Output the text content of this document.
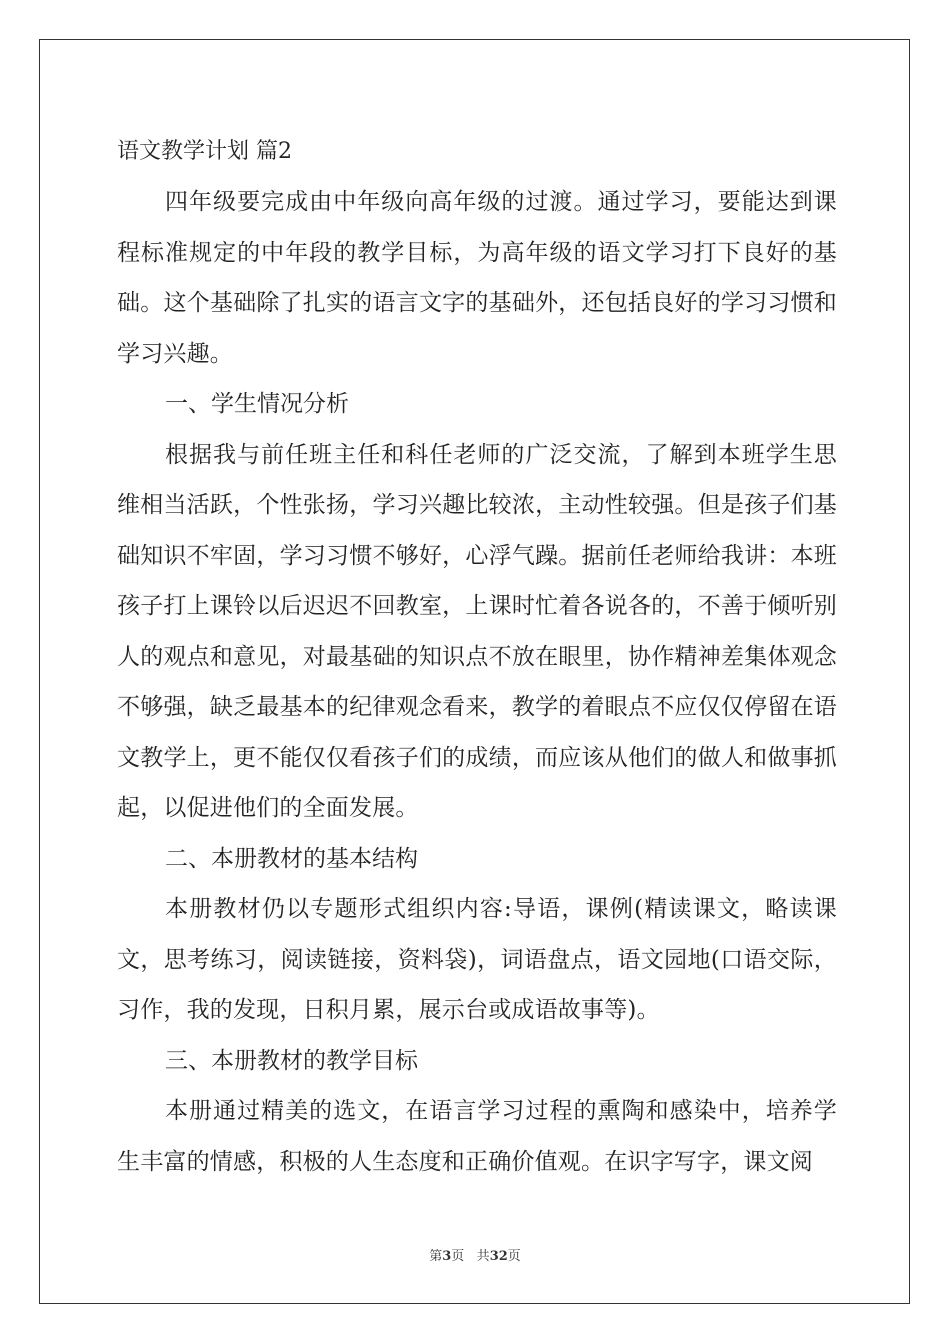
语文教学计划 篇2

四年级要完成由中年级向高年级的过渡。通过学习，要能达到课程标准规定的中年段的教学目标，为高年级的语文学习打下良好的基础。这个基础除了扎实的语言文字的基础外，还包括良好的学习习惯和学习兴趣。

一、学生情况分析

根据我与前任班主任和科任老师的广泛交流，了解到本班学生思维相当活跃，个性张扬，学习兴趣比较浓，主动性较强。但是孩子们基础知识不牢固，学习习惯不够好，心浮气躁。据前任老师给我讲：本班孩子打上课铃以后迟迟不回教室，上课时忙着各说各的，不善于倾听别人的观点和意见，对最基础的知识点不放在眼里，协作精神差集体观念不够强，缺乏最基本的纪律观念看来，教学的着眼点不应仅仅停留在语文教学上，更不能仅仅看孩子们的成绩，而应该从他们的做人和做事抓起，以促进他们的全面发展。

二、本册教材的基本结构

本册教材仍以专题形式组织内容:导语，课例(精读课文，略读课文，思考练习，阅读链接，资料袋)，词语盘点，语文园地(口语交际，习作，我的发现，日积月累，展示台或成语故事等)。

三、本册教材的教学目标

本册通过精美的选文，在语言学习过程的熏陶和感染中，培养学生丰富的情感，积极的人生态度和正确价值观。在识字写字，课文阅

第3页 共32页
